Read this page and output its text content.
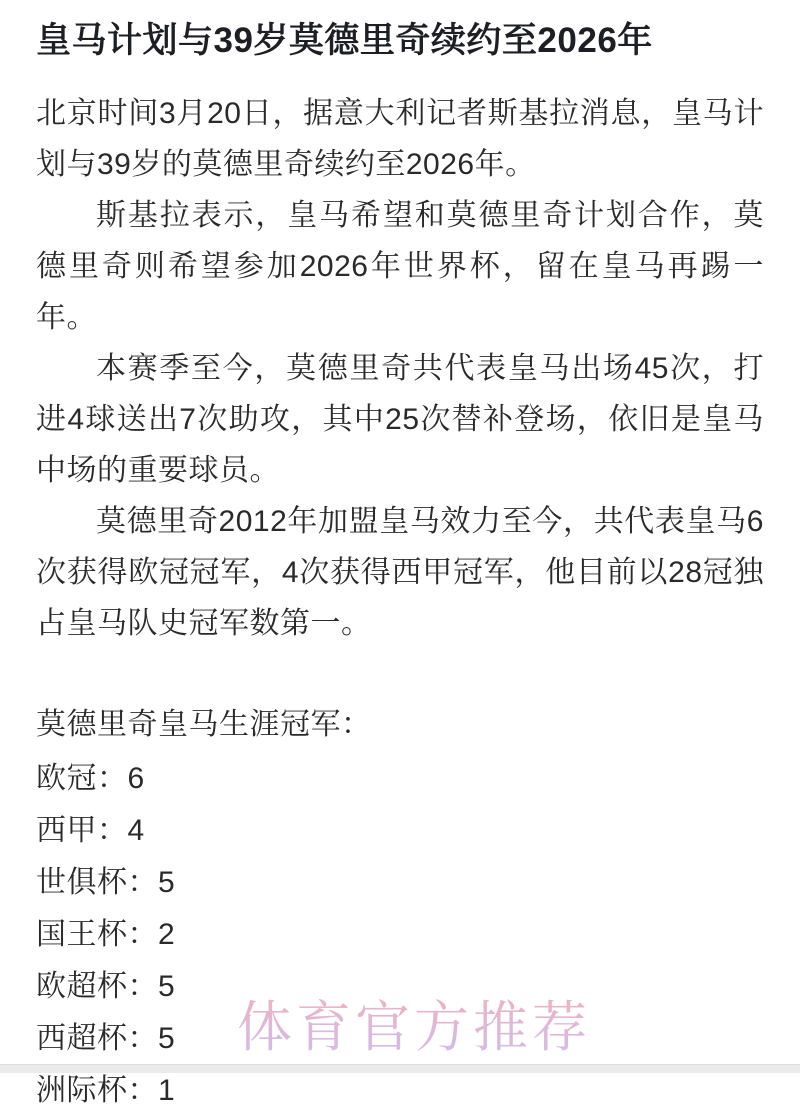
皇马计划与39岁莫德里奇续约至2026年

北京时间3月20日，据意大利记者斯基拉消息，皇马计划与39岁的莫德里奇续约至2026年。

斯基拉表示，皇马希望和莫德里奇计划合作，莫德里奇则希望参加2026年世界杯，留在皇马再踢一年。

本赛季至今，莫德里奇共代表皇马出场45次，打进4球送出7次助攻，其中25次替补登场，依旧是皇马中场的重要球员。

莫德里奇2012年加盟皇马效力至今，共代表皇马6次获得欧冠冠军，4次获得西甲冠军，他目前以28冠独占皇马队史冠军数第一。

莫德里奇皇马生涯冠军：
欧冠：6
西甲：4
世俱杯：5
国王杯：2
欧超杯：5
西超杯：5
洲际杯：1
体育官方推荐
